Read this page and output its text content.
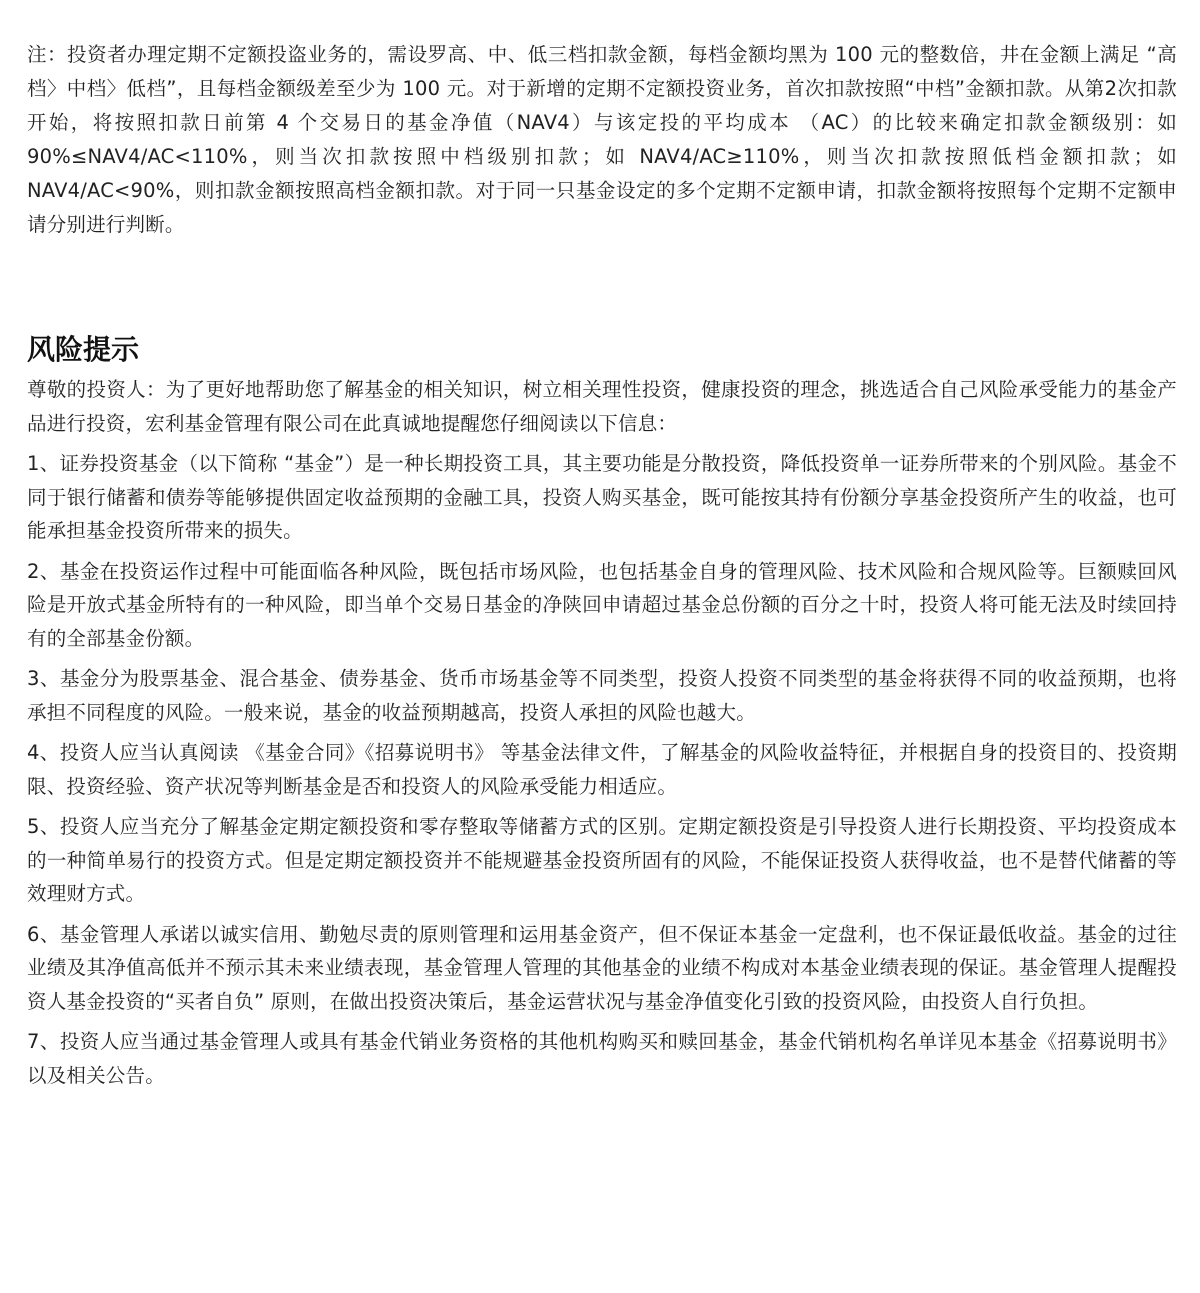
注：投资者办理定期不定额投盗业务的，需设罗高、中、低三档扣款金额，每档金额均黑为 100 元的整数倍，井在金额上满足 “高档〉中档〉低档”，且每档金额级差至少为 100 元。对于新增的定期不定额投资业务，首次扣款按照“中档”金额扣款。从第2次扣款开始，将按照扣款日前第 4 个交易日的基金净值（NAV4）与该定投的平均成本 （AC）的比较来确定扣款金额级别：如 90%≤NAV4/AC<110%，则当次扣款按照中档级别扣款；如 NAV4/AC≥110%，则当次扣款按照低档金额扣款；如 NAV4/AC<90%，则扣款金额按照高档金额扣款。对于同一只基金设定的多个定期不定额申请，扣款金额将按照每个定期不定额申请分别进行判断。

风险提示

尊敬的投资人：为了更好地帮助您了解基金的相关知识，树立相关理性投资，健康投资的理念，挑选适合自己风险承受能力的基金产品进行投资，宏利基金管理有限公司在此真诚地提醒您仔细阅读以下信息：

1、证券投资基金（以下简称 “基金”）是一种长期投资工具，其主要功能是分散投资，降低投资单一证券所带来的个别风险。基金不同于银行储蓄和债券等能够提供固定收益预期的金融工具，投资人购买基金，既可能按其持有份额分享基金投资所产生的收益，也可能承担基金投资所带来的损失。

2、基金在投资运作过程中可能面临各种风险，既包括市场风险，也包括基金自身的管理风险、技术风险和合规风险等。巨额赎回风险是开放式基金所特有的一种风险，即当单个交易日基金的净陕回申请超过基金总份额的百分之十时，投资人将可能无法及时续回持有的全部基金份额。

3、基金分为股票基金、混合基金、债券基金、货币市场基金等不同类型，投资人投资不同类型的基金将获得不同的收益预期，也将承担不同程度的风险。一般来说，基金的收益预期越高，投资人承担的风险也越大。

4、投资人应当认真阅读 《基金合同》《招募说明书》 等基金法律文件，了解基金的风险收益特征，并根据自身的投资目的、投资期限、投资经验、资产状况等判断基金是否和投资人的风险承受能力相适应。

5、投资人应当充分了解基金定期定额投资和零存整取等储蓄方式的区别。定期定额投资是引导投资人进行长期投资、平均投资成本的一种简单易行的投资方式。但是定期定额投资并不能规避基金投资所固有的风险，不能保证投资人获得收益，也不是替代储蓄的等效理财方式。

6、基金管理人承诺以诚实信用、勤勉尽责的原则管理和运用基金资产，但不保证本基金一定盘利，也不保证最低收益。基金的过往业绩及其净值高低并不预示其未来业绩表现，基金管理人管理的其他基金的业绩不构成对本基金业绩表现的保证。基金管理人提醒投资人基金投资的“买者自负” 原则，在做出投资决策后，基金运营状况与基金净值变化引致的投资风险，由投资人自行负担。

7、投资人应当通过基金管理人或具有基金代销业务资格的其他机构购买和赎回基金，基金代销机构名单详见本基金《招募说明书》以及相关公告。
